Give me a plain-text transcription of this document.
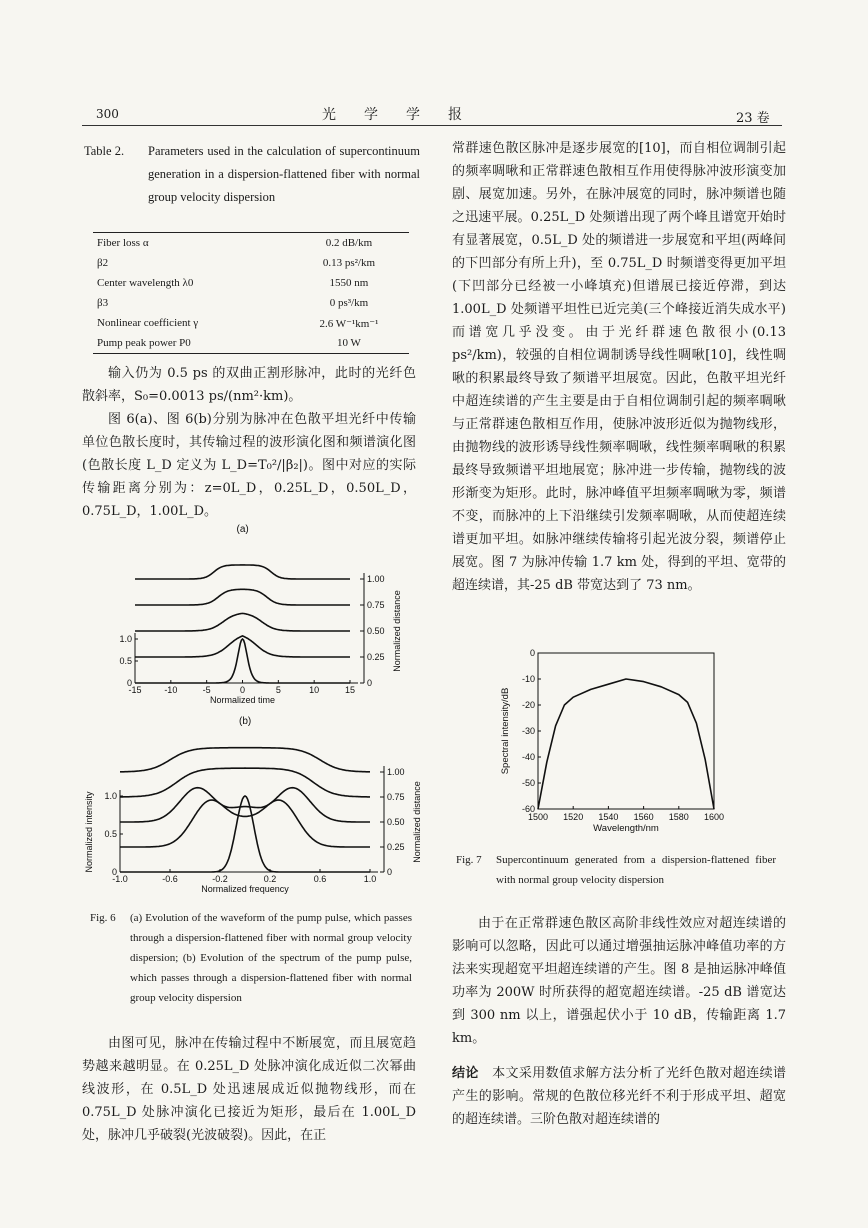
300	光　　学　　学　　报	23 卷
Table 2. Parameters used in the calculation of supercontinuum generation in a dispersion-flattened fiber with normal group velocity dispersion
Fiber loss α	0.2 dB/km
β2	0.13 ps²/km
Center wavelength λ0	1550 nm
β3	0 ps³/km
Nonlinear coefficient γ	2.6 W⁻¹km⁻¹
Pump peak power P0	10 W

输入仍为 0.5 ps 的双曲正割形脉冲，此时的光纤色散斜率，S₀=0.0013 ps/(nm²·km)。

图 6(a)、图 6(b)分别为脉冲在色散平坦光纤中传输单位色散长度时，其传输过程的波形演化图和频谱演化图(色散长度 L_D 定义为 L_D=T₀²/|β₂|)。图中对应的实际传输距离分别为：z=0L_D，0.25L_D，0.50L_D，0.75L_D，1.00L_D。

(a)
-15	-10	-5	0	5	10	15
Normalized time
0
0.5
1.0
0
0.25
0.50
0.75
1.00
Normalized distance
(b)
-1.0	-0.6	-0.2	0.2	0.6	1.0
Normalized frequency
0
0.5
1.0
Normalized intensity	0
0.25
0.50
0.75
1.00
Normalized distance
Fig. 6 (a) Evolution of the waveform of the pump pulse, which passes through a dispersion-flattened fiber with normal group velocity dispersion; (b) Evolution of the spectrum of the pump pulse, which passes through a dispersion-flattened fiber with normal group velocity dispersion

由图可见，脉冲在传输过程中不断展宽，而且展宽趋势越来越明显。在 0.25L_D 处脉冲演化成近似二次幂曲线波形，在 0.5L_D 处迅速展成近似抛物线形，而在 0.75L_D 处脉冲演化已接近为矩形，最后在 1.00L_D 处，脉冲几乎破裂(光波破裂)。因此，在正

常群速色散区脉冲是逐步展宽的[10]，而自相位调制引起的频率啁啾和正常群速色散相互作用使得脉冲波形演变加剧、展宽加速。另外，在脉冲展宽的同时，脉冲频谱也随之迅速平展。0.25L_D 处频谱出现了两个峰且谱宽开始时有显著展宽，0.5L_D 处的频谱进一步展宽和平坦(两峰间的下凹部分有所上升)，至 0.75L_D 时频谱变得更加平坦(下凹部分已经被一小峰填充)但谱展已接近停滞，到达 1.00L_D 处频谱平坦性已近完美(三个峰接近消失成水平)而谱宽几乎没变。由于光纤群速色散很小(0.13 ps²/km)，较强的自相位调制诱导线性啁啾[10]，线性啁啾的积累最终导致了频谱平坦展宽。因此，色散平坦光纤中超连续谱的产生主要是由于自相位调制引起的频率啁啾与正常群速色散相互作用，使脉冲波形近似为抛物线形，由抛物线的波形诱导线性频率啁啾，线性频率啁啾的积累最终导致频谱平坦地展宽；脉冲进一步传输，抛物线的波形渐变为矩形。此时，脉冲峰值平坦频率啁啾为零，频谱不变，而脉冲的上下沿继续引发频率啁啾，从而使超连续谱更加平坦。如脉冲继续传输将引起光波分裂，频谱停止展宽。图 7 为脉冲传输 1.7 km 处，得到的平坦、宽带的超连续谱，其-25 dB 带宽达到了 73 nm。

0
-10
-20
-30
-40
-50
-60
1500 1520 1540 1560 1580 1600
Wavelength/nm
Spectral intensity/dB
Fig. 7 Supercontinuum generated from a dispersion-flattened fiber with normal group velocity dispersion

由于在正常群速色散区高阶非线性效应对超连续谱的影响可以忽略，因此可以通过增强抽运脉冲峰值功率的方法来实现超宽平坦超连续谱的产生。图 8 是抽运脉冲峰值功率为 200W 时所获得的超宽超连续谱。-25 dB 谱宽达到 300 nm 以上，谱强起伏小于 10 dB，传输距离 1.7 km。

结论　 本文采用数值求解方法分析了光纤色散对超连续谱产生的影响。常规的色散位移光纤不利于形成平坦、超宽的超连续谱。三阶色散对超连续谱的
